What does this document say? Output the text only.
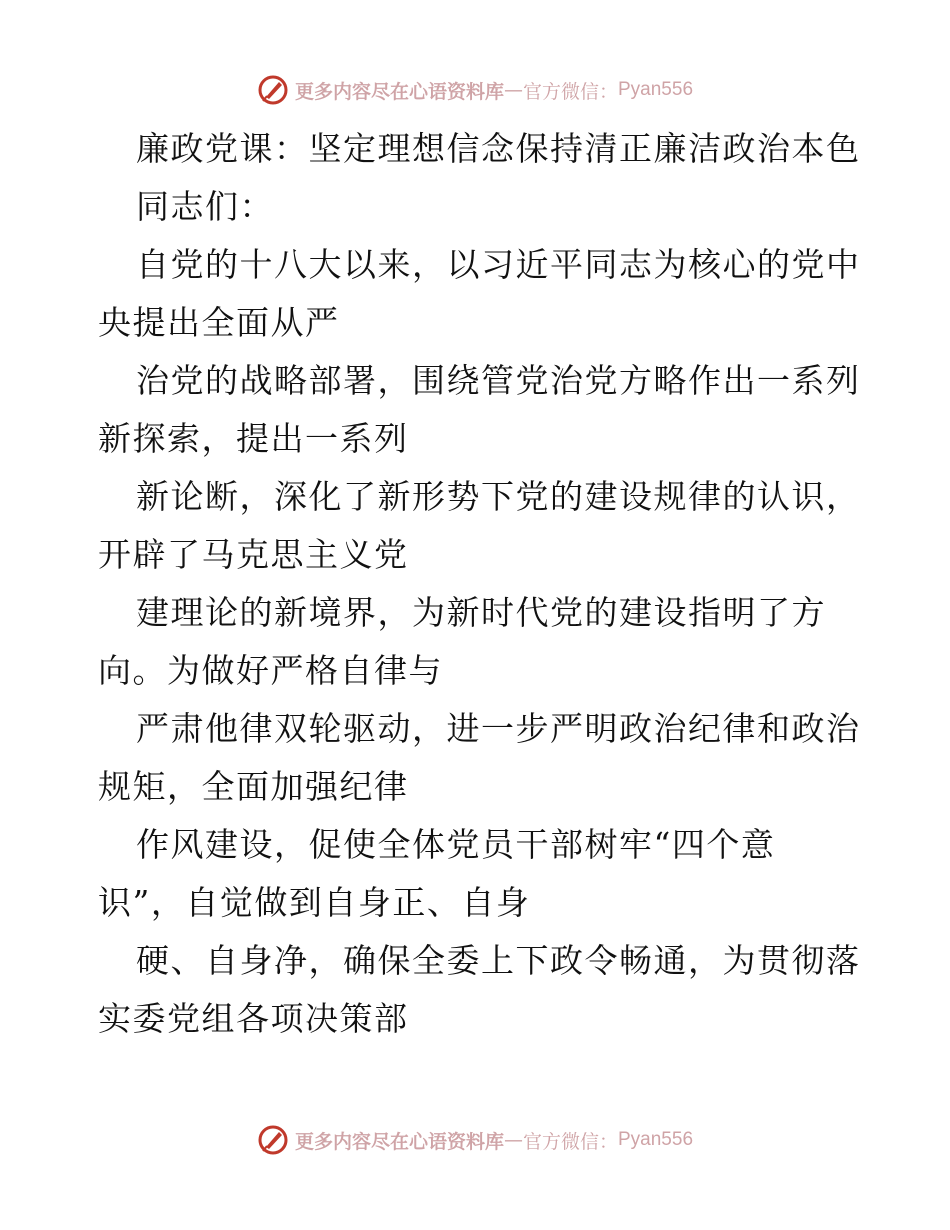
更多内容尽在心语资料库 — 官方微信： Pyan556
廉政党课：坚定理想信念保持清正廉洁政治本色
同志们：
自党的十八大以来，以习近平同志为核心的党中
央提出全面从严
治党的战略部署，围绕管党治党方略作出一系列
新探索，提出一系列
新论断，深化了新形势下党的建设规律的认识，
开辟了马克思主义党
建理论的新境界，为新时代党的建设指明了方
向。为做好严格自律与
严肃他律双轮驱动，进一步严明政治纪律和政治
规矩，全面加强纪律
作风建设，促使全体党员干部树牢“四个意
识”，自觉做到自身正、自身
硬、自身净，确保全委上下政令畅通，为贯彻落
实委党组各项决策部
更多内容尽在心语资料库 — 官方微信： Pyan556
